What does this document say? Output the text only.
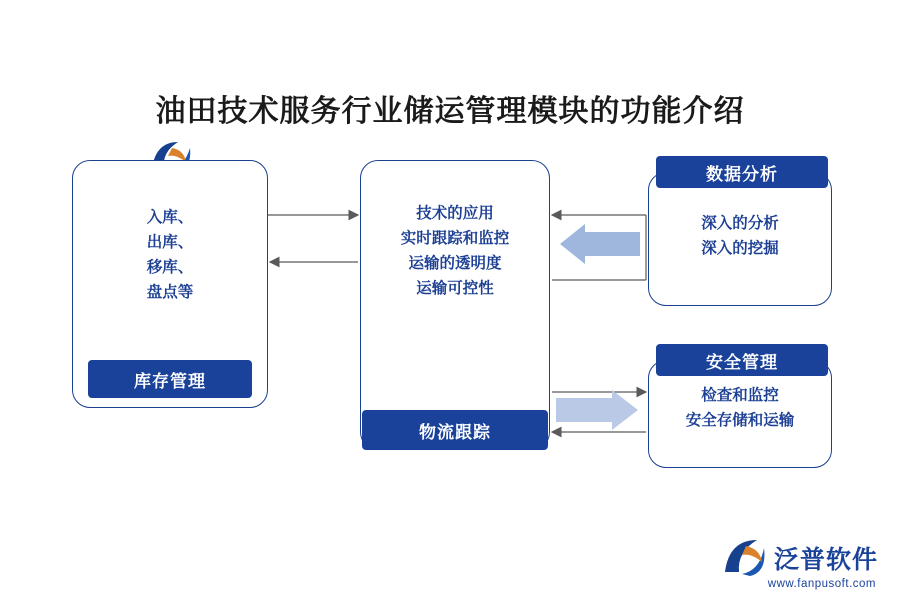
油田技术服务行业储运管理模块的功能介绍
入库、
出库、
移库、
盘点等
库存管理
技术的应用
实时跟踪和监控
运输的透明度
运输可控性
物流跟踪
数据分析
深入的分析
深入的挖掘
安全管理
检查和监控
安全存储和运输
泛普软件
www.fanpusoft.com
